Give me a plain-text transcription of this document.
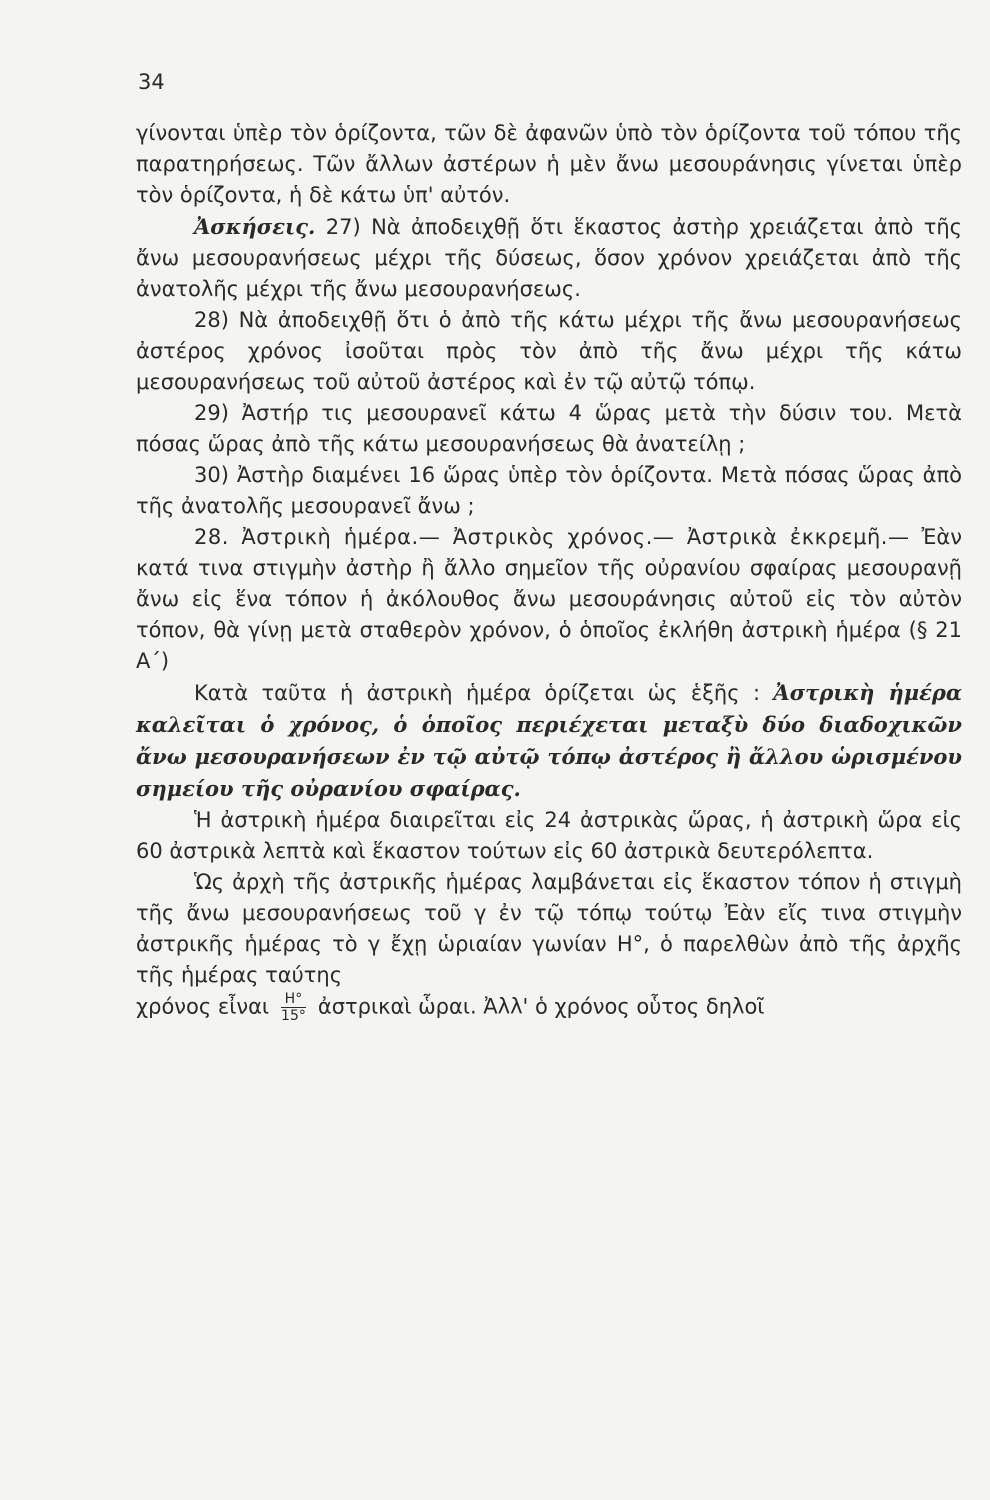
34

γίνονται ὑπὲρ τὸν ὁρίζοντα, τῶν δὲ ἀφανῶν ὑπὸ τὸν ὁρίζοντα τοῦ τόπου τῆς παρατηρήσεως. Τῶν ἄλλων ἀστέρων ἡ μὲν ἄνω μεσουράνησις γίνεται ὑπὲρ τὸν ὁρίζοντα, ἡ δὲ κάτω ὑπ' αὐτόν.

Ἀσκήσεις. 27) Νὰ ἀποδειχθῇ ὅτι ἕκαστος ἀστὴρ χρειάζεται ἀπὸ τῆς ἄνω μεσουρανήσεως μέχρι τῆς δύσεως, ὅσον χρόνον χρειάζεται ἀπὸ τῆς ἀνατολῆς μέχρι τῆς ἄνω μεσουρανήσεως.

28) Νὰ ἀποδειχθῇ ὅτι ὁ ἀπὸ τῆς κάτω μέχρι τῆς ἄνω μεσουρανήσεως ἀστέρος χρόνος ἰσοῦται πρὸς τὸν ἀπὸ τῆς ἄνω μέχρι τῆς κάτω μεσουρανήσεως τοῦ αὐτοῦ ἀστέρος καὶ ἐν τῷ αὐτῷ τόπῳ.

29) Ἀστήρ τις μεσουρανεῖ κάτω 4 ὥρας μετὰ τὴν δύσιν του. Μετὰ πόσας ὥρας ἀπὸ τῆς κάτω μεσουρανήσεως θὰ ἀνατείλῃ ;

30) Ἀστὴρ διαμένει 16 ὥρας ὑπὲρ τὸν ὁρίζοντα. Μετὰ πόσας ὥρας ἀπὸ τῆς ἀνατολῆς μεσουρανεῖ ἄνω ;

28. Ἀστρικὴ ἡμέρα.— Ἀστρικὸς χρόνος.— Ἀστρικὰ ἐκκρεμῆ.— Ἐὰν κατά τινα στιγμὴν ἀστὴρ ἢ ἄλλο σημεῖον τῆς οὐρανίου σφαίρας μεσουρανῇ ἄνω εἰς ἕνα τόπον ἡ ἀκόλουθος ἄνω μεσουράνησις αὐτοῦ εἰς τὸν αὐτὸν τόπον, θὰ γίνῃ μετὰ σταθερὸν χρόνον, ὁ ὁποῖος ἐκλήθη ἀστρικὴ ἡμέρα (§ 21 Α΄)

Κατὰ ταῦτα ἡ ἀστρικὴ ἡμέρα ὁρίζεται ὡς ἑξῆς : Ἀστρικὴ ἡμέρα καλεῖται ὁ χρόνος, ὁ ὁποῖος περιέχεται μεταξὺ δύο διαδοχικῶν ἄνω μεσουρανήσεων ἐν τῷ αὐτῷ τόπῳ ἀστέρος ἢ ἄλλου ὡρισμένου σημείου τῆς οὐρανίου σφαίρας.

Ἡ ἀστρικὴ ἡμέρα διαιρεῖται εἰς 24 ἀστρικὰς ὥρας, ἡ ἀστρικὴ ὥρα εἰς 60 ἀστρικὰ λεπτὰ καὶ ἕκαστον τούτων εἰς 60 ἀστρικὰ δευτερόλεπτα.

Ὡς ἀρχὴ τῆς ἀστρικῆς ἡμέρας λαμβάνεται εἰς ἕκαστον τόπον ἡ στιγμὴ τῆς ἄνω μεσουρανήσεως τοῦ γ ἐν τῷ τόπῳ τούτῳ Ἐὰν εἴς τινα στιγμὴν ἀστρικῆς ἡμέρας τὸ γ ἔχῃ ὡριαίαν γωνίαν Η°, ὁ παρελθὼν ἀπὸ τῆς ἀρχῆς τῆς ἡμέρας ταύτης

χρόνος εἶναι $\frac{H^\circ}{15^\circ}$ ἀστρικαὶ ὧραι. Ἀλλ' ὁ χρόνος οὗτος δηλοῖ
